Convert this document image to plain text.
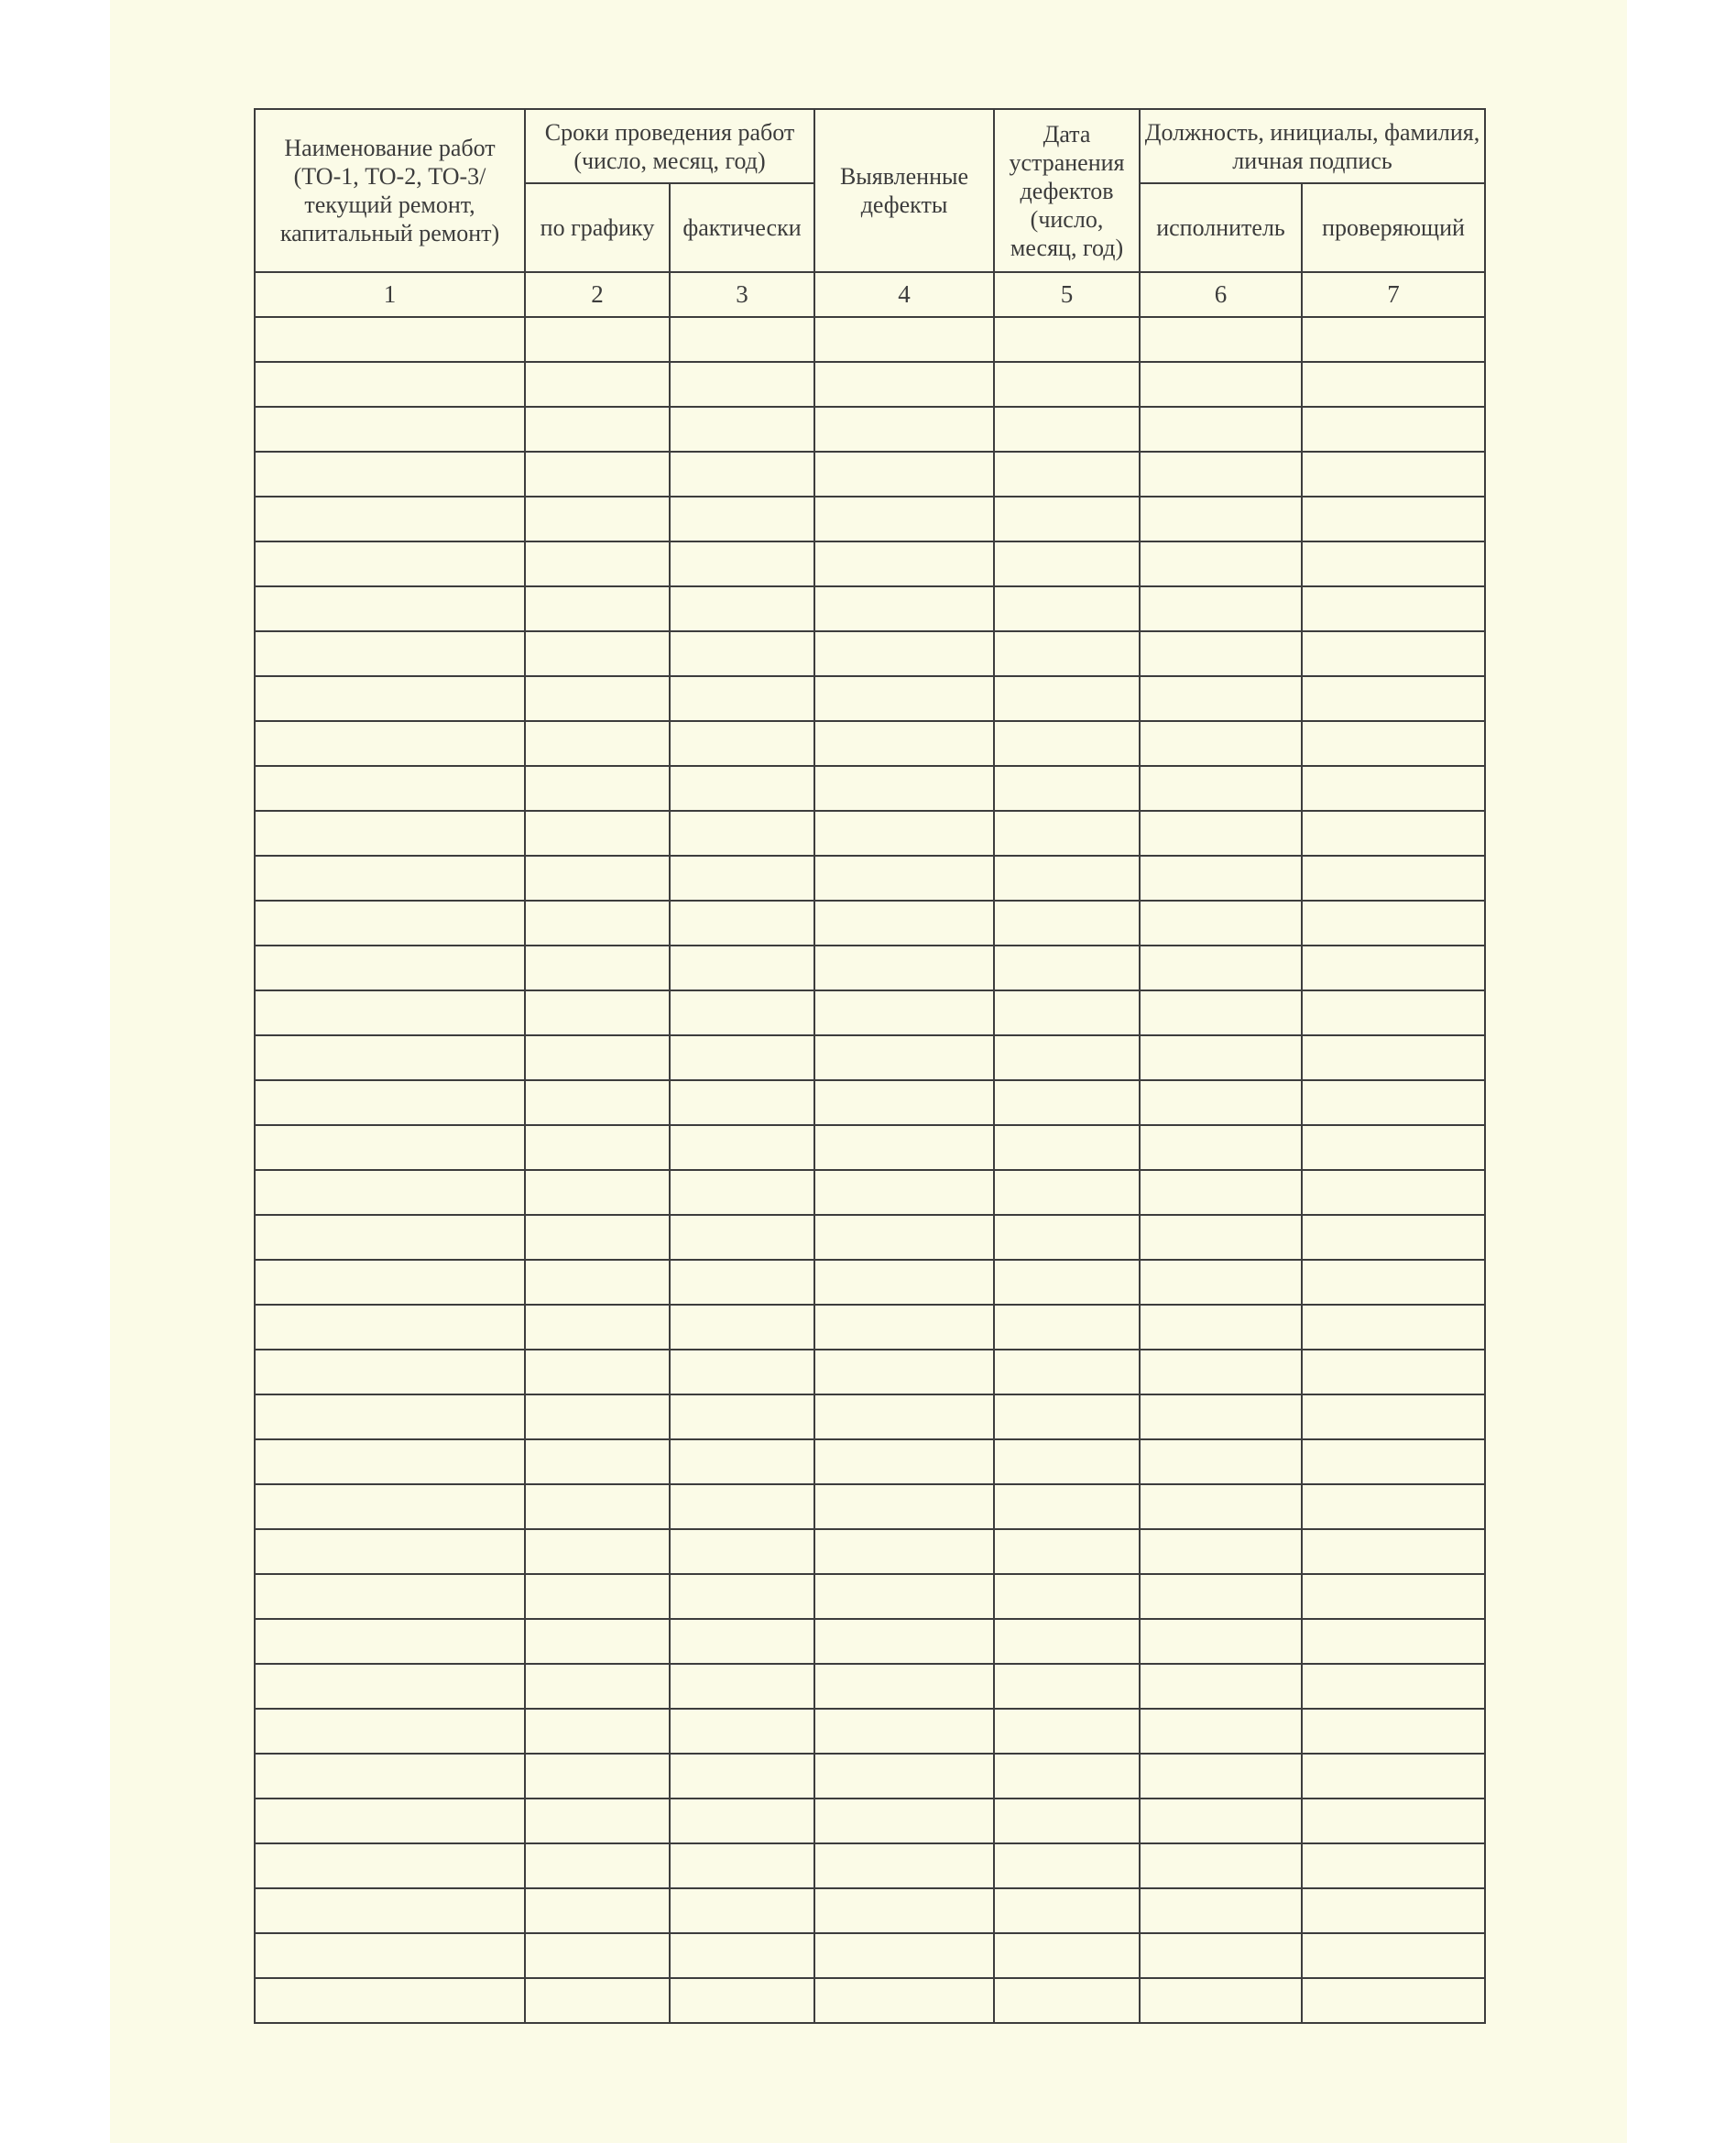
Наименование работ (ТО-1, ТО-2, ТО-3/текущий ремонт, капитальный ремонт)	Сроки проведения работ (число, месяц, год)		Выявленные дефекты	Дата устранения дефектов (число, месяц, год)	Должность, инициалы, фамилия, личная подпись	
	по графику	фактически			исполнитель	проверяющий
1	2	3	4	5	6	7
